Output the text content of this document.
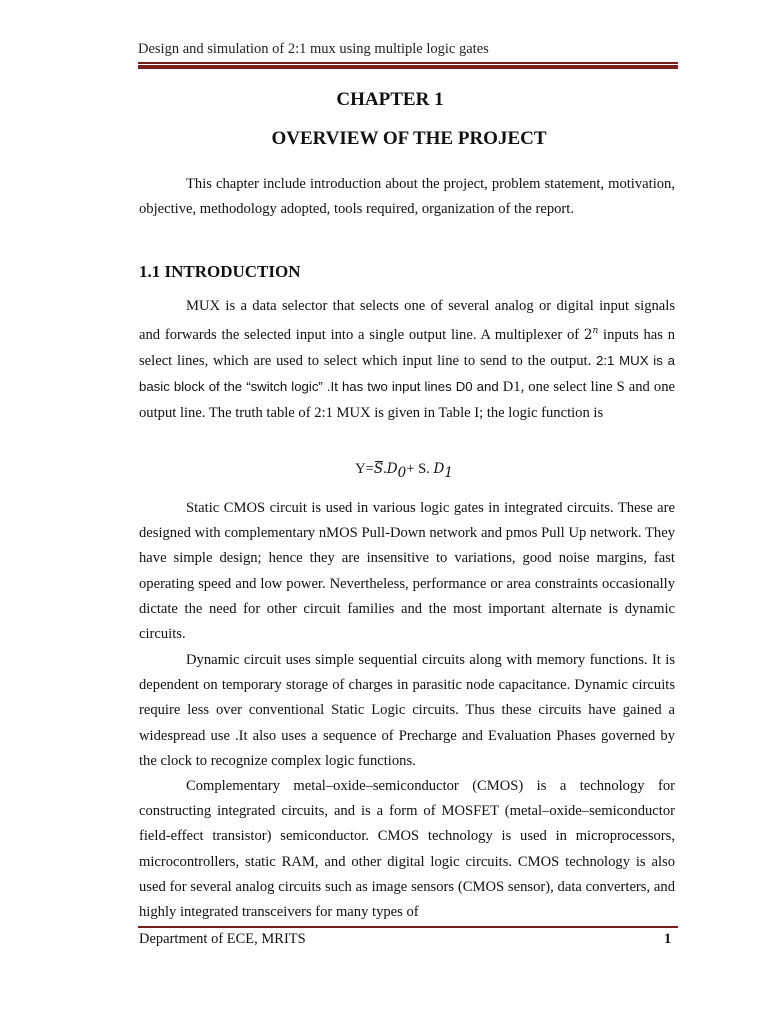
Design and simulation of 2:1 mux using multiple logic gates
CHAPTER 1
OVERVIEW OF THE PROJECT
This chapter include introduction about the project, problem statement, motivation, objective, methodology adopted, tools required, organization of the report.
1.1 INTRODUCTION
MUX is a data selector that selects one of several analog or digital input signals and forwards the selected input into a single output line. A multiplexer of 2$^n$ inputs has n select lines, which are used to select which input line to send to the output. 2:1 MUX is a basic block of the “switch logic” .It has two input lines D0 and D1, one select line S and one output line. The truth table of 2:1 MUX is given in Table I; the logic function is
$Y=S.D_0+ S$. $D_1$
Static CMOS circuit is used in various logic gates in integrated circuits. These are designed with complementary nMOS Pull-Down network and pmos Pull Up network. They have simple design; hence they are insensitive to variations, good noise margins, fast operating speed and low power. Nevertheless, performance or area constraints occasionally dictate the need for other circuit families and the most important alternate is dynamic circuits.
Dynamic circuit uses simple sequential circuits along with memory functions. It is dependent on temporary storage of charges in parasitic node capacitance. Dynamic circuits require less over conventional Static Logic circuits. Thus these circuits have gained a widespread use .It also uses a sequence of Precharge and Evaluation Phases governed by the clock to recognize complex logic functions.
Complementary metal–oxide–semiconductor (CMOS) is a technology for constructing integrated circuits, and is a form of MOSFET (metal–oxide–semiconductor field-effect transistor) semiconductor. CMOS technology is used in microprocessors, microcontrollers, static RAM, and other digital logic circuits. CMOS technology is also used for several analog circuits such as image sensors (CMOS sensor), data converters, and highly integrated transceivers for many types of
Department of ECE, MRITS	1
